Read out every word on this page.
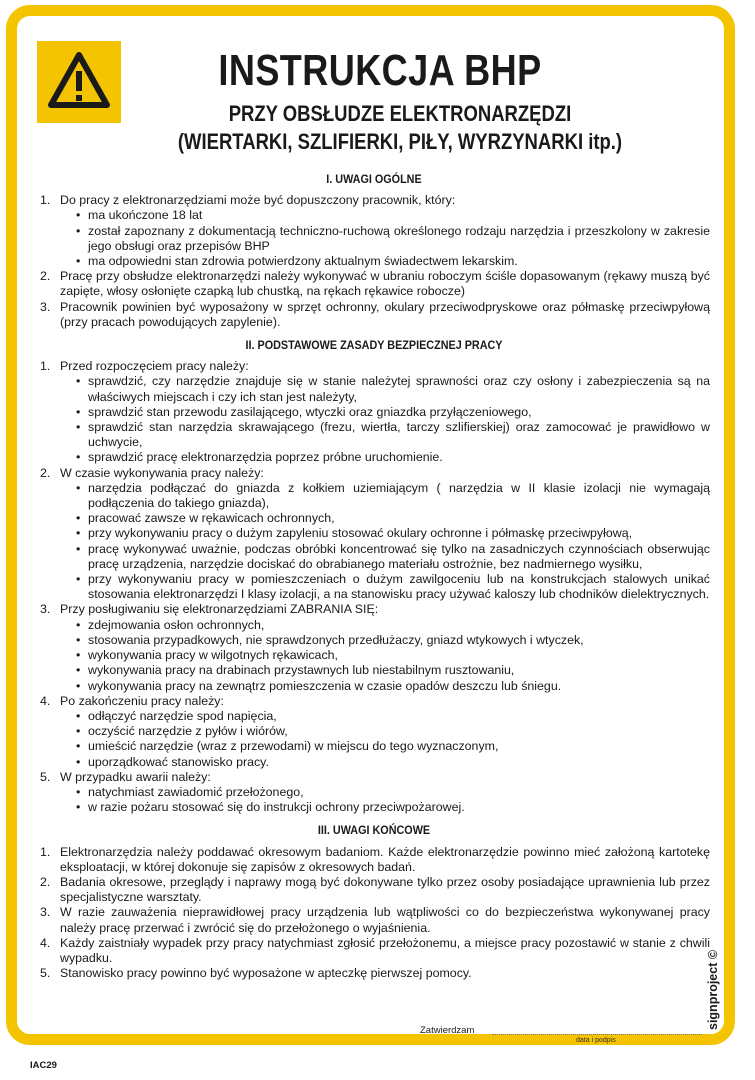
INSTRUKCJA BHP
PRZY OBSŁUDZE ELEKTRONARZĘDZI
(WIERTARKI, SZLIFIERKI, PIŁY, WYRZYNARKI itp.)
I. UWAGI OGÓLNE
1. Do pracy z elektronarzędziami może być dopuszczony pracownik, który:
• ma ukończone 18 lat
• został zapoznany z dokumentacją techniczno-ruchową określonego rodzaju narzędzia i przeszkolony w zakresie jego obsługi oraz przepisów BHP
• ma odpowiedni stan zdrowia potwierdzony aktualnym świadectwem lekarskim.
2. Pracę przy obsłudze elektronarzędzi należy wykonywać w ubraniu roboczym ściśle dopasowanym (rękawy muszą być zapięte, włosy osłonięte czapką lub chustką, na rękach rękawice robocze)
3. Pracownik powinien być wyposażony w sprzęt ochronny, okulary przeciwodpryskowe oraz półmaskę przeciwpyłową (przy pracach powodujących zapylenie).
II. PODSTAWOWE ZASADY BEZPIECZNEJ PRACY
1. Przed rozpoczęciem pracy należy:
• sprawdzić, czy narzędzie znajduje się w stanie należytej sprawności oraz czy osłony i zabezpieczenia są na właściwych miejscach i czy ich stan jest należyty,
• sprawdzić stan przewodu zasilającego, wtyczki oraz gniazdka przyłączeniowego,
• sprawdzić stan narzędzia skrawającego (frezu, wiertła, tarczy szlifierskiej) oraz zamocować je prawidłowo w uchwycie,
• sprawdzić pracę elektronarzędzia poprzez próbne uruchomienie.
2. W czasie wykonywania pracy należy:
• narzędzia podłączać do gniazda z kołkiem uziemiającym ( narzędzia w II klasie izolacji nie wymagają podłączenia do takiego gniazda),
• pracować zawsze w rękawicach ochronnych,
• przy wykonywaniu pracy o dużym zapyleniu stosować okulary ochronne i półmaskę przeciwpyłową,
• pracę wykonywać uważnie, podczas obróbki koncentrować się tylko na zasadniczych czynnościach obserwując pracę urządzenia, narzędzie dociskać do obrabianego materiału ostrożnie, bez nadmiernego wysiłku,
• przy wykonywaniu pracy w pomieszczeniach o dużym zawilgoceniu lub na konstrukcjach stalowych unikać stosowania elektronarzędzi I klasy izolacji, a na stanowisku pracy używać kaloszy lub chodników dielektrycznych.
3. Przy posługiwaniu się elektronarzędziami ZABRANIA SIĘ:
• zdejmowania osłon ochronnych,
• stosowania przypadkowych, nie sprawdzonych przedłużaczy, gniazd wtykowych i wtyczek,
• wykonywania pracy w wilgotnych rękawicach,
• wykonywania pracy na drabinach przystawnych lub niestabilnym rusztowaniu,
• wykonywania pracy na zewnątrz pomieszczenia w czasie opadów deszczu lub śniegu.
4. Po zakończeniu pracy należy:
• odłączyć narzędzie spod napięcia,
• oczyścić narzędzie z pyłów i wiórów,
• umieścić narzędzie (wraz z przewodami) w miejscu do tego wyznaczonym,
• uporządkować stanowisko pracy.
5. W przypadku awarii należy:
• natychmiast zawiadomić przełożonego,
• w razie pożaru stosować się do instrukcji ochrony przeciwpożarowej.
III. UWAGI KOŃCOWE
1. Elektronarzędzia należy poddawać okresowym badaniom. Każde elektronarzędzie powinno mieć założoną kartotekę eksploatacji, w której dokonuje się zapisów z okresowych badań.
2. Badania okresowe, przeglądy i naprawy mogą być dokonywane tylko przez osoby posiadające uprawnienia lub przez specjalistyczne warsztaty.
3. W razie zauważenia nieprawidłowej pracy urządzenia lub wątpliwości co do bezpieczeństwa wykonywanej pracy należy pracę przerwać i zwrócić się do przełożonego o wyjaśnienia.
4. Każdy zaistniały wypadek przy pracy natychmiast zgłosić przełożonemu, a miejsce pracy pozostawić w stanie z chwili wypadku.
5. Stanowisko pracy powinno być wyposażone w apteczkę pierwszej pomocy.
Zatwierdzam
data i podpis
signproject ©
IAC29
